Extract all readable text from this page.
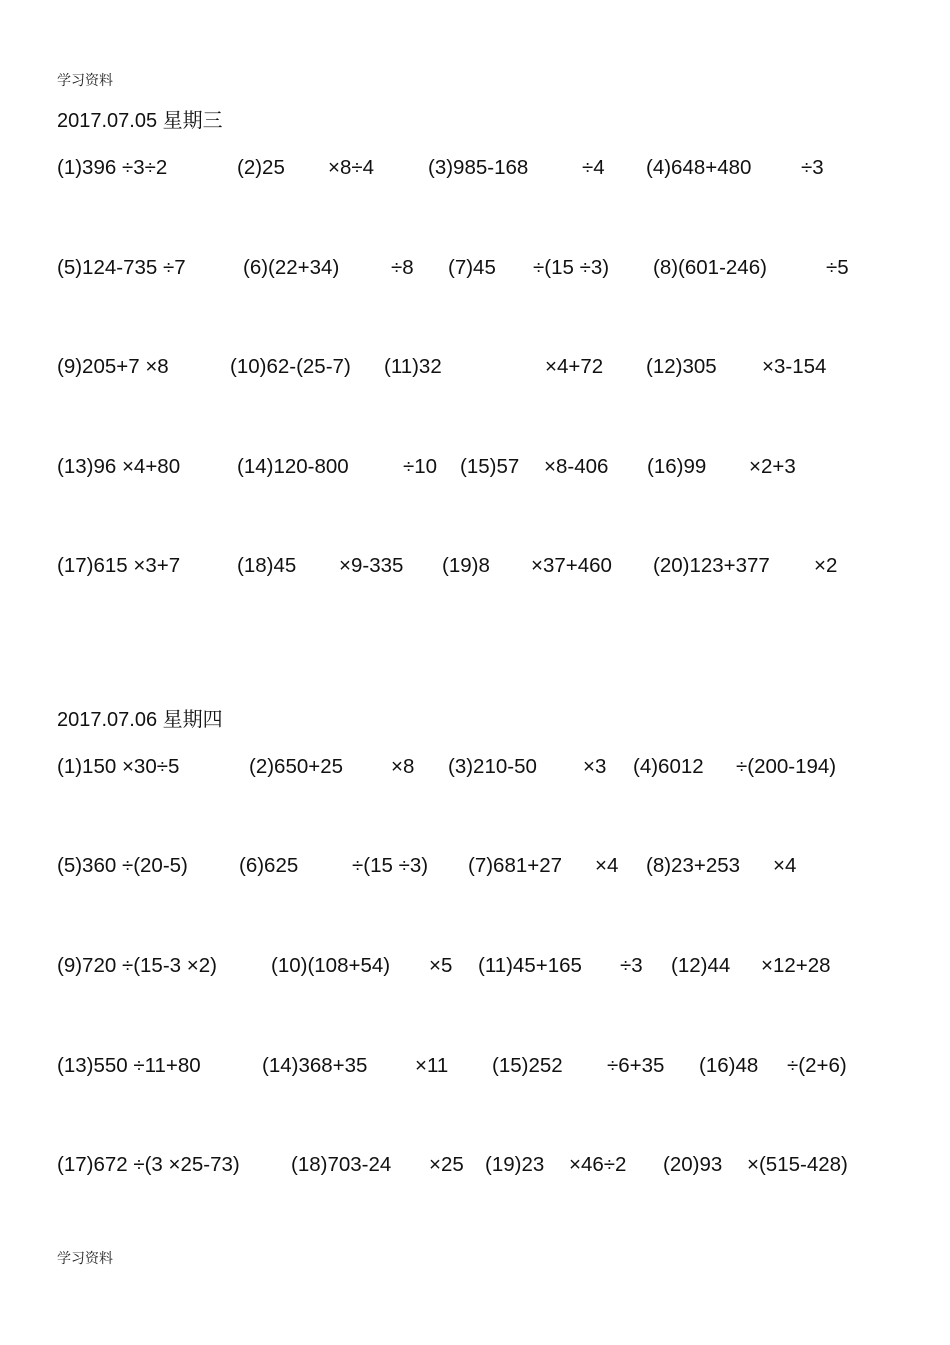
学习资料
2017.07.05 星期三
(1)396 ÷3÷2	(2)25 ×8÷4	(3)985-168	÷4 (4)648+480 ÷3
(5)124-735 ÷7	(6)(22+34)	÷8 (7)45 ÷(15 ÷3) (8)(601-246)	÷5
(9)205+7 ×8	(10)62-(25-7) (11)32	×4+72 (12)305 ×3-154
(13)96 ×4+80	(14)120-800	÷10 (15)57 ×8-406 (16)99 ×2+3
(17)615 ×3+7	(18)45 ×9-335 (19)8 ×37+460 (20)123+377 ×2
2017.07.06 星期四
(1)150 ×30÷5	(2)650+25 ×8 (3)210-50 ×3 (4)6012 ÷(200-194)
(5)360 ÷(20-5) (6)625	÷(15 ÷3) (7)681+27 ×4 (8)23+253 ×4
(9)720 ÷(15-3 ×2)	(10)(108+54) ×5 (11)45+165 ÷3 (12)44 ×12+28
(13)550 ÷11+80	(14)368+35 ×11 (15)252 ÷6+35 (16)48 ÷(2+6)
(17)672 ÷(3 ×25-73) (18)703-24 ×25 (19)23 ×46÷2 (20)93 ×(515-428)
学习资料
